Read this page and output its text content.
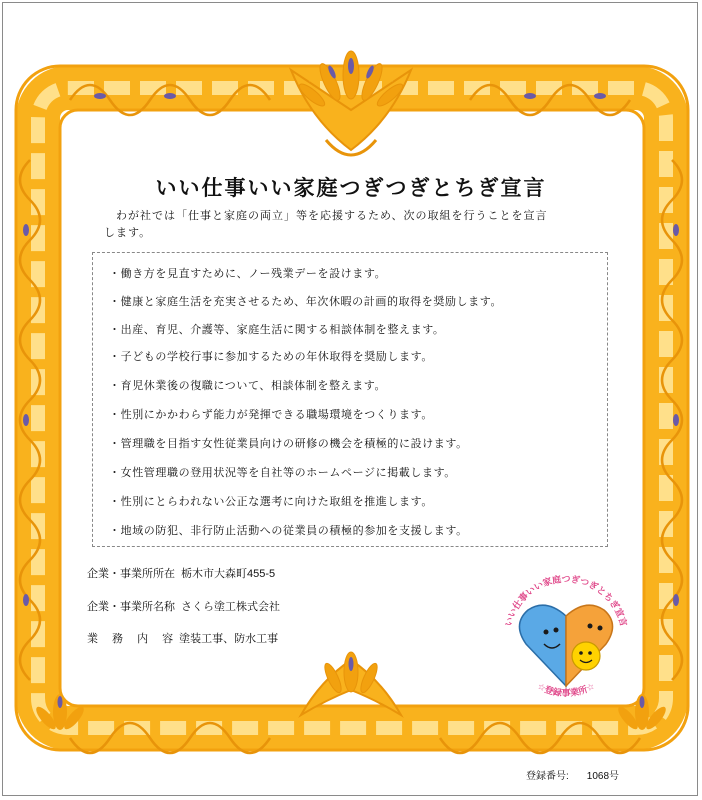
いい仕事いい家庭つぎつぎとちぎ宣言
わが社では「仕事と家庭の両立」等を応援するため、次の取組を行うことを宣言
します。
・働き方を見直すために、ノー残業デーを設けます。
・健康と家庭生活を充実させるため、年次休暇の計画的取得を奨励します。
・出産、育児、介護等、家庭生活に関する相談体制を整えます。
・子どもの学校行事に参加するための年休取得を奨励します。
・育児休業後の復職について、相談体制を整えます。
・性別にかかわらず能力が発揮できる職場環境をつくります。
・管理職を目指す女性従業員向けの研修の機会を積極的に設けます。
・女性管理職の登用状況等を自社等のホームページに掲載します。
・性別にとらわれない公正な選考に向けた取組を推進します。
・地域の防犯、非行防止活動への従業員の積極的参加を支援します。
企業・事業所所在 栃木市大森町455-5
企業・事業所名称 さくら塗工株式会社
業　 務　 内　 容 塗装工事、防水工事
いい仕事いい家庭つぎつぎとちぎ宣言
☆登録事業所☆
登録番号: 1068号
